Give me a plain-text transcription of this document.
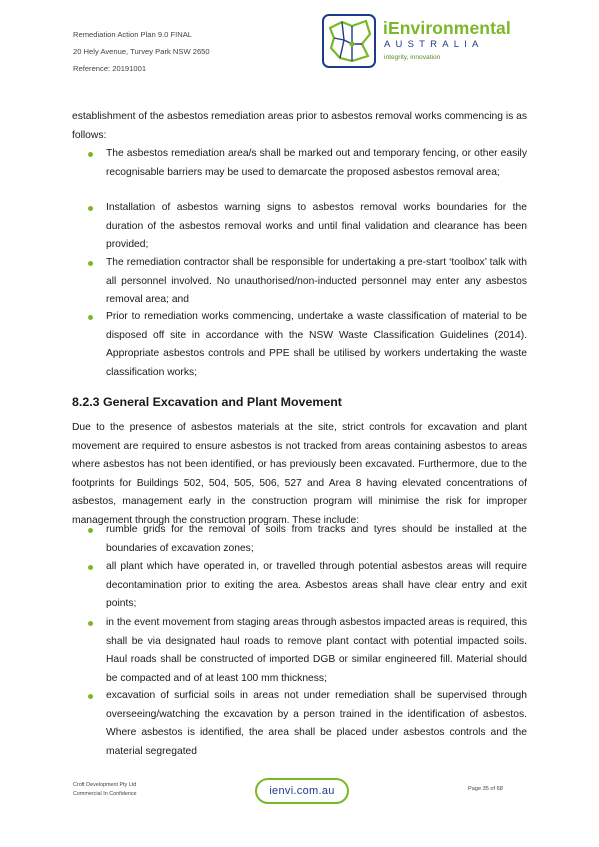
Remediation Action Plan 9.0 FINAL
20 Hely Avenue, Turvey Park NSW 2650
Reference: 20191001
iEnvironmental
AUSTRALIA
integrity, innovation
establishment of the asbestos remediation areas prior to asbestos removal works commencing is as follows:
The asbestos remediation area/s shall be marked out and temporary fencing, or other easily recognisable barriers may be used to demarcate the proposed asbestos removal area;
Installation of asbestos warning signs to asbestos removal works boundaries for the duration of the asbestos removal works and until final validation and clearance has been provided;
The remediation contractor shall be responsible for undertaking a pre-start ‘toolbox’ talk with all personnel involved. No unauthorised/non-inducted personnel may enter any asbestos removal area; and
Prior to remediation works commencing, undertake a waste classification of material to be disposed off site in accordance with the NSW Waste Classification Guidelines (2014). Appropriate asbestos controls and PPE shall be utilised by workers undertaking the waste classification works;
8.2.3 General Excavation and Plant Movement
Due to the presence of asbestos materials at the site, strict controls for excavation and plant movement are required to ensure asbestos is not tracked from areas containing asbestos to areas where asbestos has not been identified, or has previously been excavated. Furthermore, due to the footprints for Buildings 502, 504, 505, 506, 527 and Area 8 having elevated concentrations of asbestos, management early in the construction program will minimise the risk for improper management through the construction program. These include:
rumble grids for the removal of soils from tracks and tyres should be installed at the boundaries of excavation zones;
all plant which have operated in, or travelled through potential asbestos areas will require decontamination prior to exiting the area. Asbestos areas shall have clear entry and exit points;
in the event movement from staging areas through asbestos impacted areas is required, this shall be via designated haul roads to remove plant contact with potential impacted soils. Haul roads shall be constructed of imported DGB or similar engineered fill. Material should be compacted and of at least 100 mm thickness;
excavation of surficial soils in areas not under remediation shall be supervised through overseeing/watching the excavation by a person trained in the identification of asbestos. Where asbestos is identified, the area shall be placed under asbestos controls and the material segregated
Croft Development Pty Ltd
Commercial In Confidence	ienvi.com.au	Page 35 of 68
